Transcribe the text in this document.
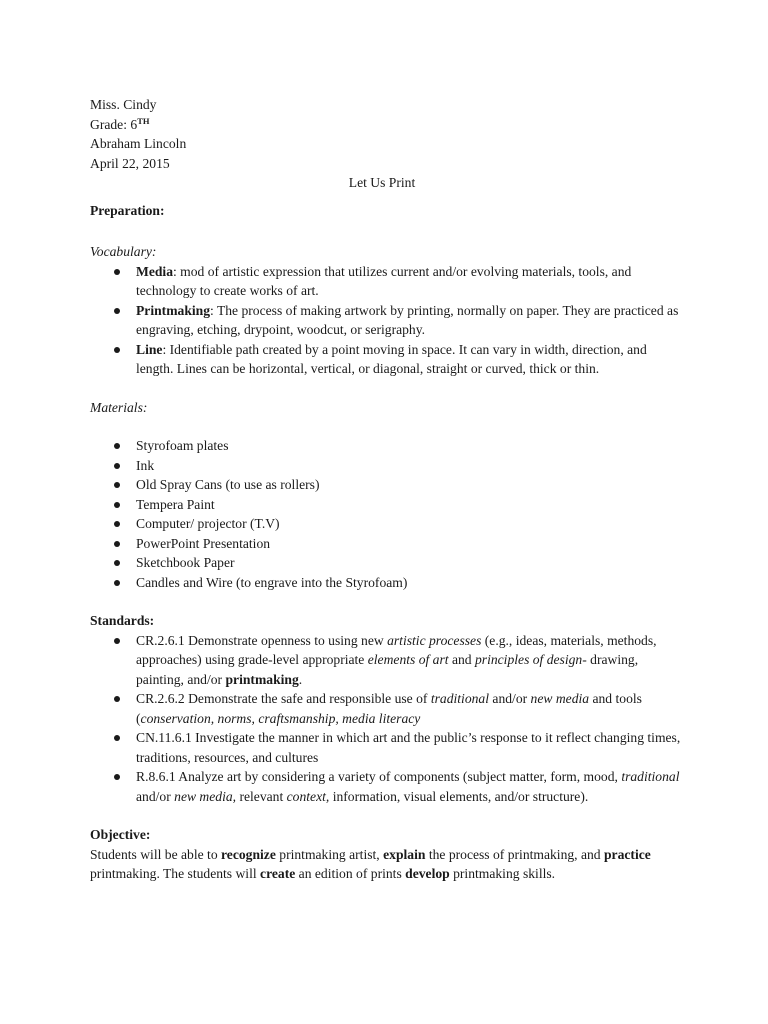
Miss. Cindy
Grade: 6TH
Abraham Lincoln
April 22, 2015
Let Us Print
Preparation:
Vocabulary:
Media: mod of artistic expression that utilizes current and/or evolving materials, tools, and technology to create works of art.
Printmaking: The process of making artwork by printing, normally on paper. They are practiced as engraving, etching, drypoint, woodcut, or serigraphy.
Line: Identifiable path created by a point moving in space. It can vary in width, direction, and length. Lines can be horizontal, vertical, or diagonal, straight or curved, thick or thin.
Materials:
Styrofoam plates
Ink
Old Spray Cans (to use as rollers)
Tempera Paint
Computer/ projector (T.V)
PowerPoint Presentation
Sketchbook Paper
Candles and Wire (to engrave into the Styrofoam)
Standards:
CR.2.6.1 Demonstrate openness to using new artistic processes (e.g., ideas, materials, methods, approaches) using grade-level appropriate elements of art and principles of design- drawing, painting, and/or printmaking.
CR.2.6.2 Demonstrate the safe and responsible use of traditional and/or new media and tools (conservation, norms, craftsmanship, media literacy
CN.11.6.1 Investigate the manner in which art and the public’s response to it reflect changing times, traditions, resources, and cultures
R.8.6.1 Analyze art by considering a variety of components (subject matter, form, mood, traditional and/or new media, relevant context, information, visual elements, and/or structure).
Objective:
Students will be able to recognize printmaking artist, explain the process of printmaking, and practice printmaking. The students will create an edition of prints develop printmaking skills.
